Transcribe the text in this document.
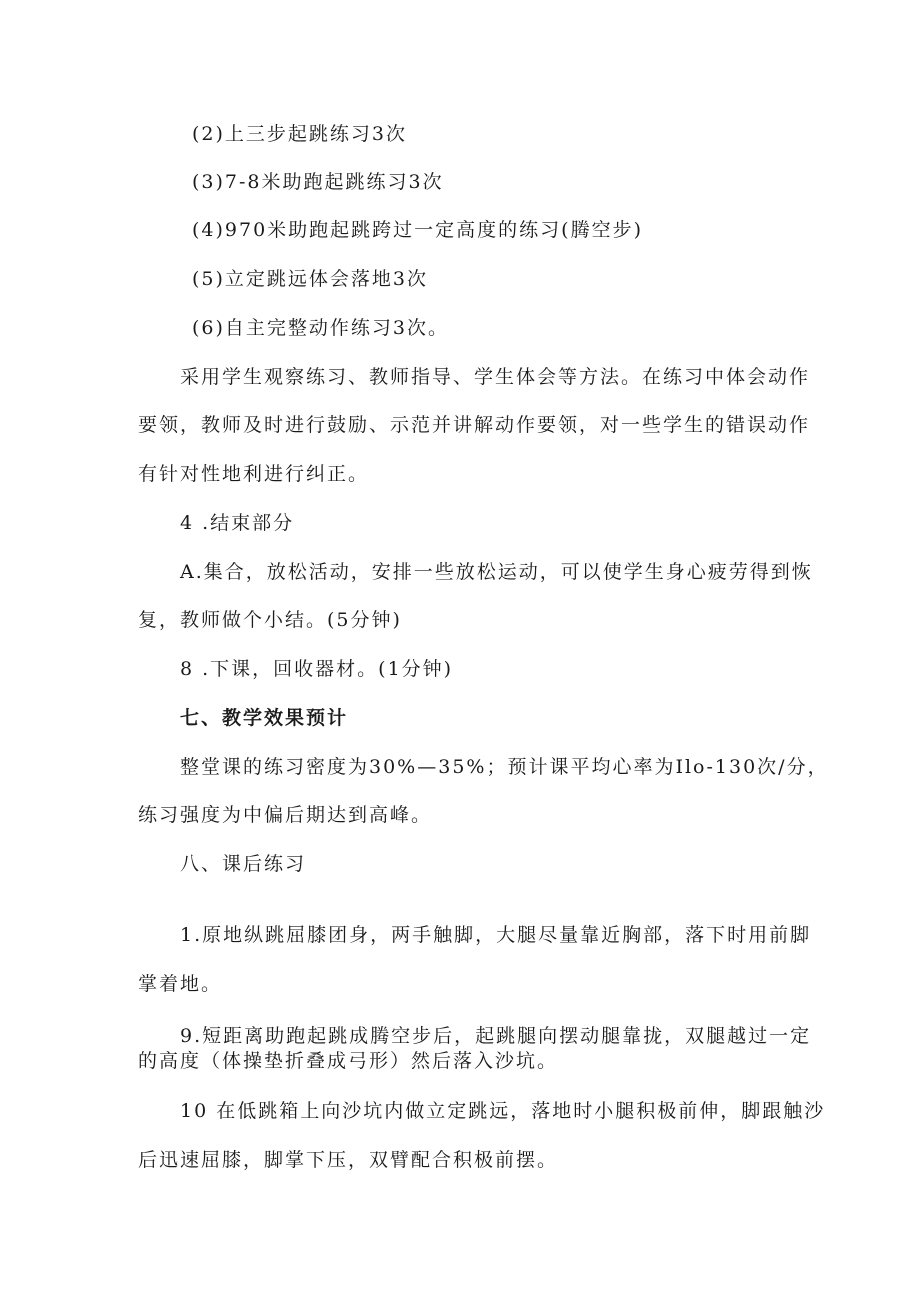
(2)上三步起跳练习3次
(3)7-8米助跑起跳练习3次
(4)970米助跑起跳跨过一定高度的练习(腾空步)
(5)立定跳远体会落地3次
(6)自主完整动作练习3次。
采用学生观察练习、教师指导、学生体会等方法。在练习中体会动作
要领，教师及时进行鼓励、示范并讲解动作要领，对一些学生的错误动作
有针对性地利进行纠正。
4 .结束部分
A.集合，放松活动，安排一些放松运动，可以使学生身心疲劳得到恢
复，教师做个小结。(5分钟)
8 .下课，回收器材。(1分钟)
七、教学效果预计
整堂课的练习密度为30%—35%；预计课平均心率为Ilo-130次/分，
练习强度为中偏后期达到高峰。
八、课后练习
1.原地纵跳屈膝团身，两手触脚，大腿尽量靠近胸部，落下时用前脚
掌着地。
9.短距离助跑起跳成腾空步后，起跳腿向摆动腿靠拢，双腿越过一定
的高度（体操垫折叠成弓形）然后落入沙坑。
10 在低跳箱上向沙坑内做立定跳远，落地时小腿积极前伸，脚跟触沙
后迅速屈膝，脚掌下压，双臂配合积极前摆。
